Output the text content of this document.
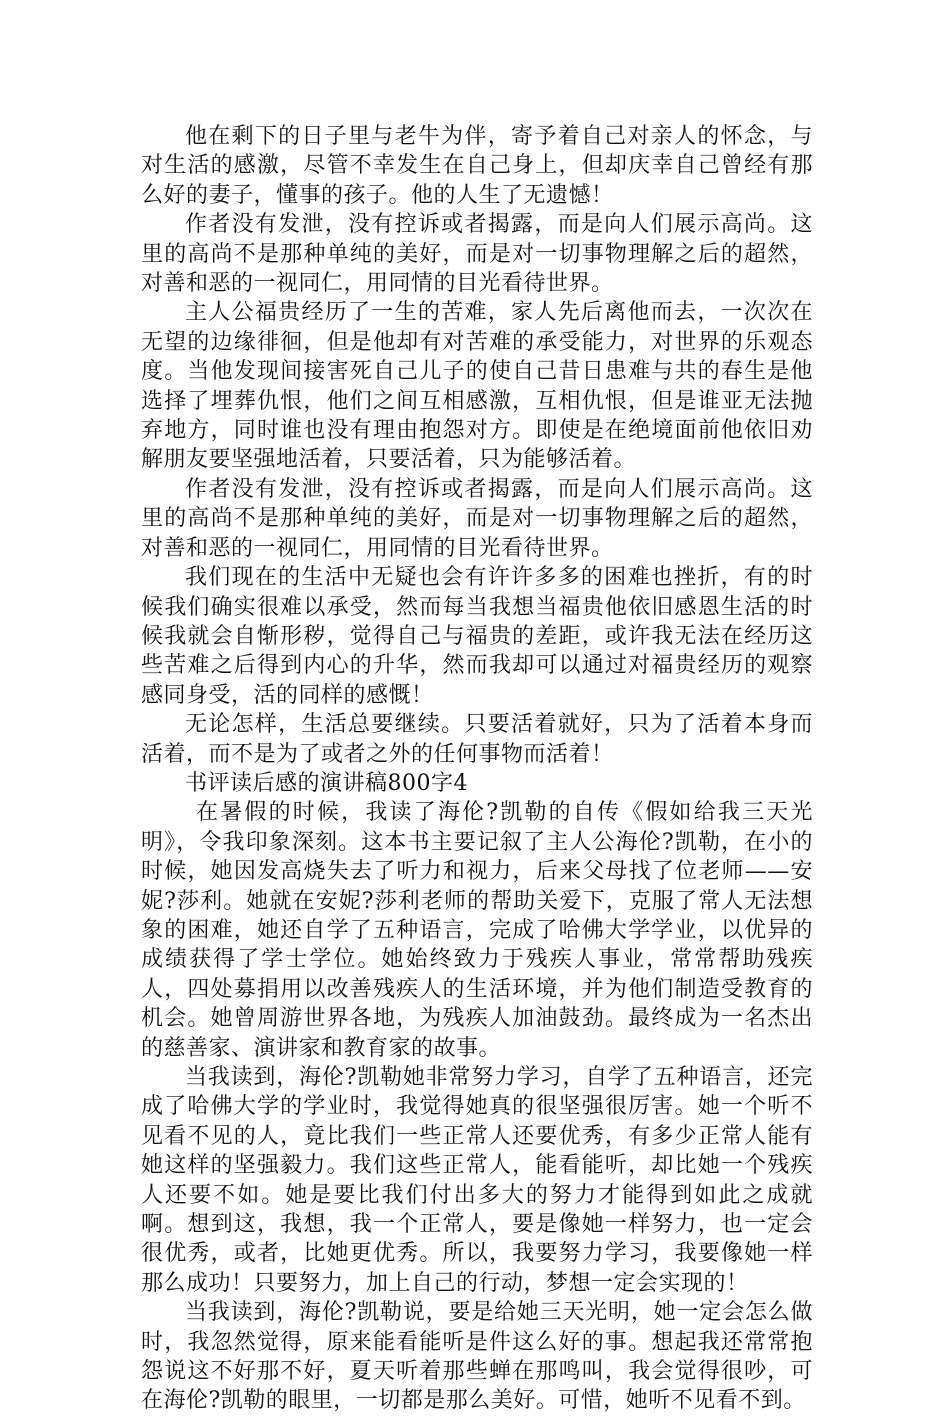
他在剩下的日子里与老牛为伴，寄予着自己对亲人的怀念，与对生活的感激，尽管不幸发生在自己身上，但却庆幸自己曾经有那么好的妻子，懂事的孩子。他的人生了无遗憾！

作者没有发泄，没有控诉或者揭露，而是向人们展示高尚。这里的高尚不是那种单纯的美好，而是对一切事物理解之后的超然，对善和恶的一视同仁，用同情的目光看待世界。

主人公福贵经历了一生的苦难，家人先后离他而去，一次次在无望的边缘徘徊，但是他却有对苦难的承受能力，对世界的乐观态度。当他发现间接害死自己儿子的使自己昔日患难与共的春生是他选择了埋葬仇恨，他们之间互相感激，互相仇恨，但是谁亚无法抛弃地方，同时谁也没有理由抱怨对方。即使是在绝境面前他依旧劝解朋友要坚强地活着，只要活着，只为能够活着。

作者没有发泄，没有控诉或者揭露，而是向人们展示高尚。这里的高尚不是那种单纯的美好，而是对一切事物理解之后的超然，对善和恶的一视同仁，用同情的目光看待世界。

我们现在的生活中无疑也会有许许多多的困难也挫折，有的时候我们确实很难以承受，然而每当我想当福贵他依旧感恩生活的时候我就会自惭形秽，觉得自己与福贵的差距，或许我无法在经历这些苦难之后得到内心的升华，然而我却可以通过对福贵经历的观察感同身受，活的同样的感慨！

无论怎样，生活总要继续。只要活着就好，只为了活着本身而活着，而不是为了或者之外的任何事物而活着！

书评读后感的演讲稿800字4

在暑假的时候，我读了海伦?凯勒的自传《假如给我三天光明》，令我印象深刻。这本书主要记叙了主人公海伦?凯勒，在小的时候，她因发高烧失去了听力和视力，后来父母找了位老师——安妮?莎利。她就在安妮?莎利老师的帮助关爱下，克服了常人无法想象的困难，她还自学了五种语言，完成了哈佛大学学业，以优异的成绩获得了学士学位。她始终致力于残疾人事业，常常帮助残疾人，四处募捐用以改善残疾人的生活环境，并为他们制造受教育的机会。她曾周游世界各地，为残疾人加油鼓劲。最终成为一名杰出的慈善家、演讲家和教育家的故事。

当我读到，海伦?凯勒她非常努力学习，自学了五种语言，还完成了哈佛大学的学业时，我觉得她真的很坚强很厉害。她一个听不见看不见的人，竟比我们一些正常人还要优秀，有多少正常人能有她这样的坚强毅力。我们这些正常人，能看能听，却比她一个残疾人还要不如。她是要比我们付出多大的努力才能得到如此之成就啊。想到这，我想，我一个正常人，要是像她一样努力，也一定会很优秀，或者，比她更优秀。所以，我要努力学习，我要像她一样那么成功！只要努力，加上自己的行动，梦想一定会实现的！

当我读到，海伦?凯勒说，要是给她三天光明，她一定会怎么做时，我忽然觉得，原来能看能听是件这么好的事。想起我还常常抱怨说这不好那不好，夏天听着那些蝉在那鸣叫，我会觉得很吵，可在海伦?凯勒的眼里，一切都是那么美好。可惜，她听不见看不到。
